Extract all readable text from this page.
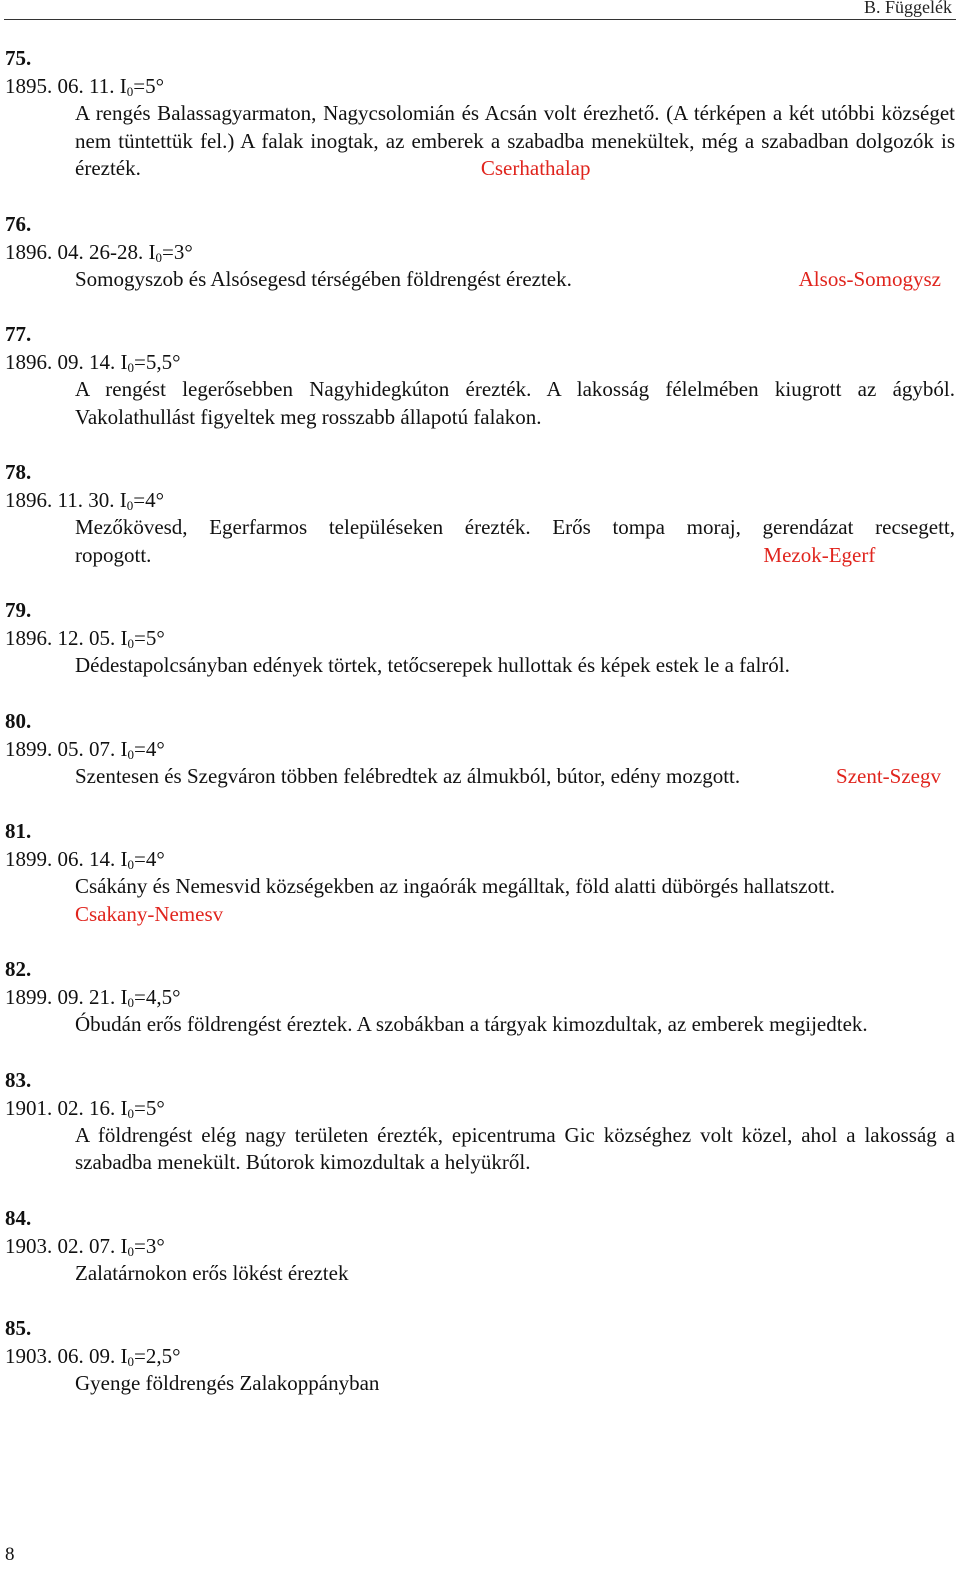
B. Függelék
75.
1895. 06. 11. $I_0=5^\circ$
A rengés Balassagyarmaton, Nagycsolomián és Acsán volt érezhető. (A térképen a két utóbbi községet nem tüntettük fel.) A falak inogtak, az emberek a szabadba menekültek, még a szabadban dolgozók is érezték.	Cserhathalap
76.
1896. 04. 26-28. $I_0=3^\circ$
Alsos-Somogysz
Somogyszob és Alsósegesd térségében földrengést éreztek.
77.
1896. 09. 14. $I_0=5,5^\circ$
A rengést legerősebben Nagyhidegkúton érezték. A lakosság félelmében kiugrott az ágyból. Vakolathullást figyeltek meg rosszabb állapotú falakon.
78.
1896. 11. 30. $I_0=4^\circ$
Mezőkövesd, Egerfarmos településeken érezték. Erős tompa moraj, gerendázat recsegett, ropogott.	Mezok-Egerf
79.
1896. 12. 05. $I_0=5^\circ$
Dédestapolcsányban edények törtek, tetőcserepek hullottak és képek estek le a falról.
80.
1899. 05. 07. $I_0=4^\circ$
Szent-Szegv
Szentesen és Szegváron többen felébredtek az álmukból, bútor, edény mozgott.
81.
1899. 06. 14. $I_0=4^\circ$
Csákány és Nemesvid községekben az ingaórák megálltak, föld alatti dübörgés hallatszott.
Csakany-Nemesv
82.
1899. 09. 21. $I_0=4,5^\circ$
Óbudán erős földrengést éreztek. A szobákban a tárgyak kimozdultak, az emberek megijedtek.
83.
1901. 02. 16. $I_0=5^\circ$
A földrengést elég nagy területen érezték, epicentruma Gic községhez volt közel, ahol a lakosság a szabadba menekült. Bútorok kimozdultak a helyükről.
84.
1903. 02. 07. $I_0=3^\circ$
Zalatárnokon erős lökést éreztek
85.
1903. 06. 09. $I_0=2,5^\circ$
Gyenge földrengés Zalakoppányban
8
